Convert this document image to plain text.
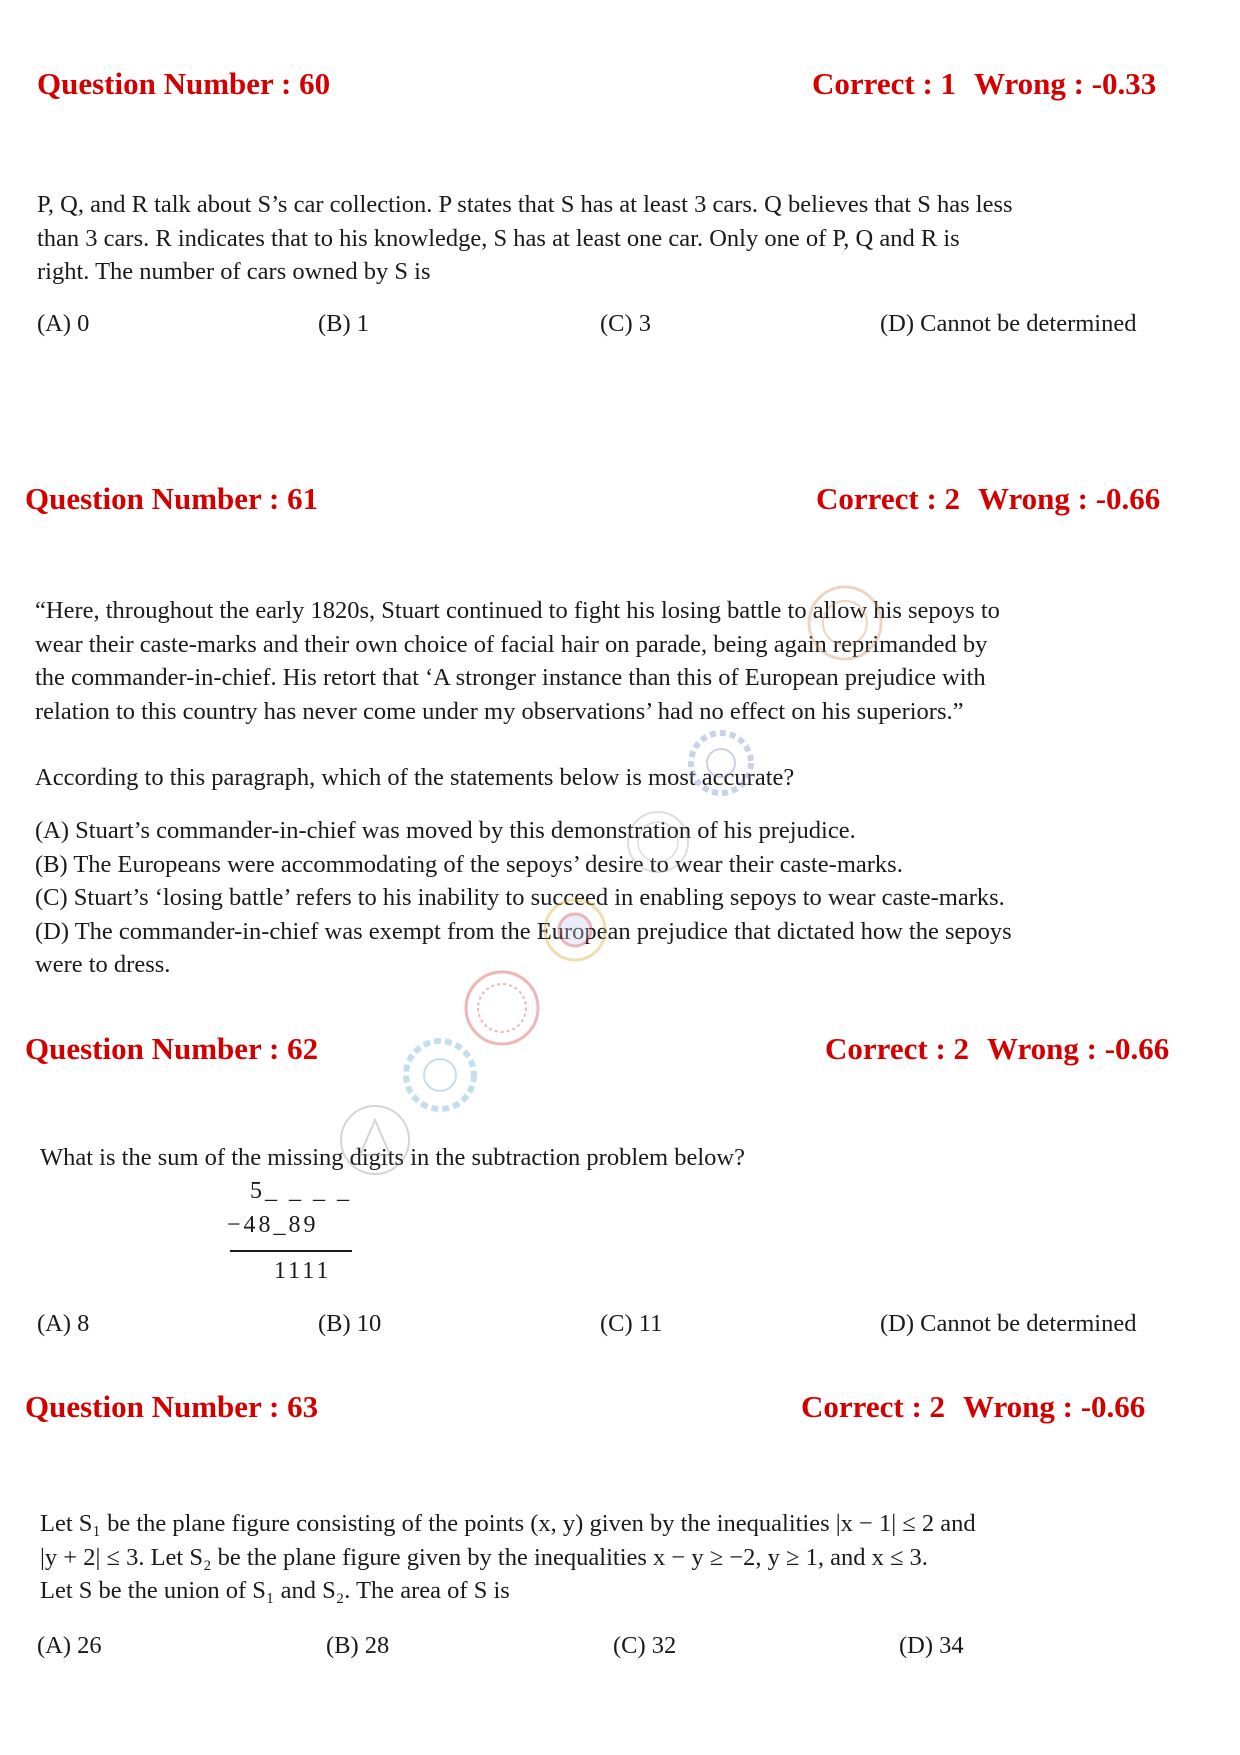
Question Number : 60	Correct : 1 Wrong : -0.33
P, Q, and R talk about S’s car collection. P states that S has at least 3 cars. Q believes that S has less
than 3 cars. R indicates that to his knowledge, S has at least one car. Only one of P, Q and R is
right. The number of cars owned by S is
(A) 0	(B) 1	(C) 3	(D) Cannot be determined
Question Number : 61	Correct : 2 Wrong : -0.66
“Here, throughout the early 1820s, Stuart continued to fight his losing battle to allow his sepoys to
wear their caste-marks and their own choice of facial hair on parade, being again reprimanded by
the commander-in-chief. His retort that ‘A stronger instance than this of European prejudice with
relation to this country has never come under my observations’ had no effect on his superiors.”
According to this paragraph, which of the statements below is most accurate?
(A) Stuart’s commander-in-chief was moved by this demonstration of his prejudice.
(B) The Europeans were accommodating of the sepoys’ desire to wear their caste-marks.
(C) Stuart’s ‘losing battle’ refers to his inability to succeed in enabling sepoys to wear caste-marks.
(D) The commander-in-chief was exempt from the European prejudice that dictated how the sepoys
were to dress.
Question Number : 62	Correct : 2 Wrong : -0.66
What is the sum of the missing digits in the subtraction problem below?
5_ _ _ _
−48_89
1111
(A) 8	(B) 10	(C) 11	(D) Cannot be determined
Question Number : 63	Correct : 2 Wrong : -0.66
Let S₁ be the plane figure consisting of the points (x, y) given by the inequalities |x − 1| ≤ 2 and
|y + 2| ≤ 3. Let S₂ be the plane figure given by the inequalities x − y ≥ −2, y ≥ 1, and x ≤ 3.
Let S be the union of S₁ and S₂. The area of S is
(A) 26	(B) 28	(C) 32	(D) 34
